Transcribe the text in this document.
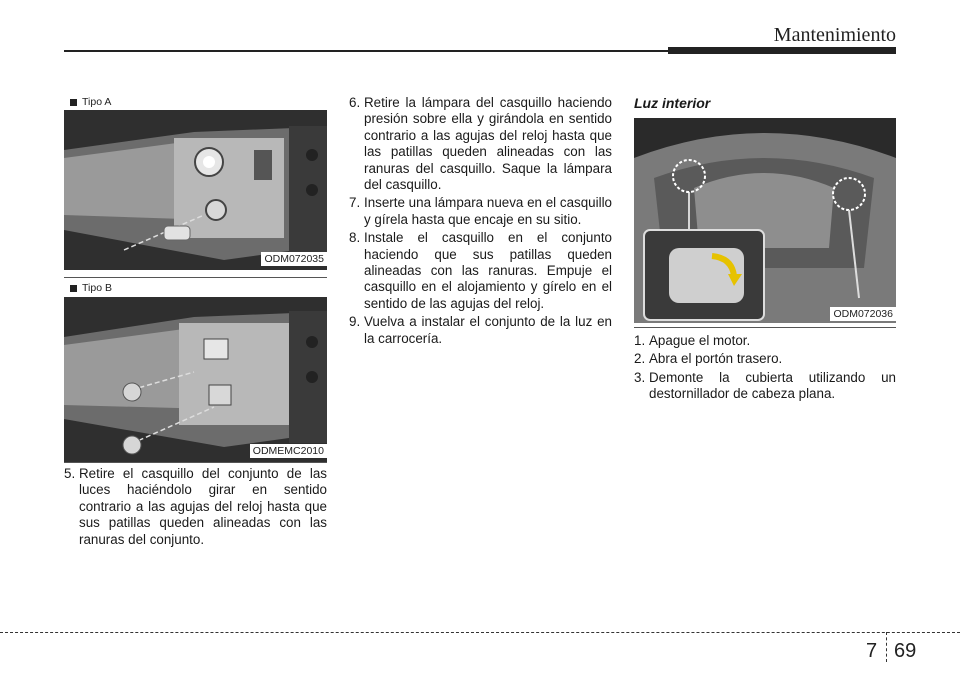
Mantenimiento
Tipo A
ODM072035
Tipo B
ODMEMC2010
5. Retire el casquillo del conjunto de las luces haciéndolo girar en sentido contrario a las agujas del reloj hasta que sus patillas queden alineadas con las ranuras del conjunto.
6. Retire la lámpara del casquillo haciendo presión sobre ella y girándola en sentido contrario a las agujas del reloj hasta que las patillas queden alineadas con las ranuras del casquillo. Saque la lámpara del casquillo.
7. Inserte una lámpara nueva en el casquillo y gírela hasta que encaje en su sitio.
8. Instale el casquillo en el conjunto haciendo que sus patillas queden alineadas con las ranuras. Empuje el casquillo en el alojamiento y gírelo en el sentido de las agujas del reloj.
9. Vuelva a instalar el conjunto de la luz en la carrocería.
Luz interior
ODM072036
1. Apague el motor.
2. Abra el portón trasero.
3. Demonte la cubierta utilizando un destornillador de cabeza plana.
7 69
